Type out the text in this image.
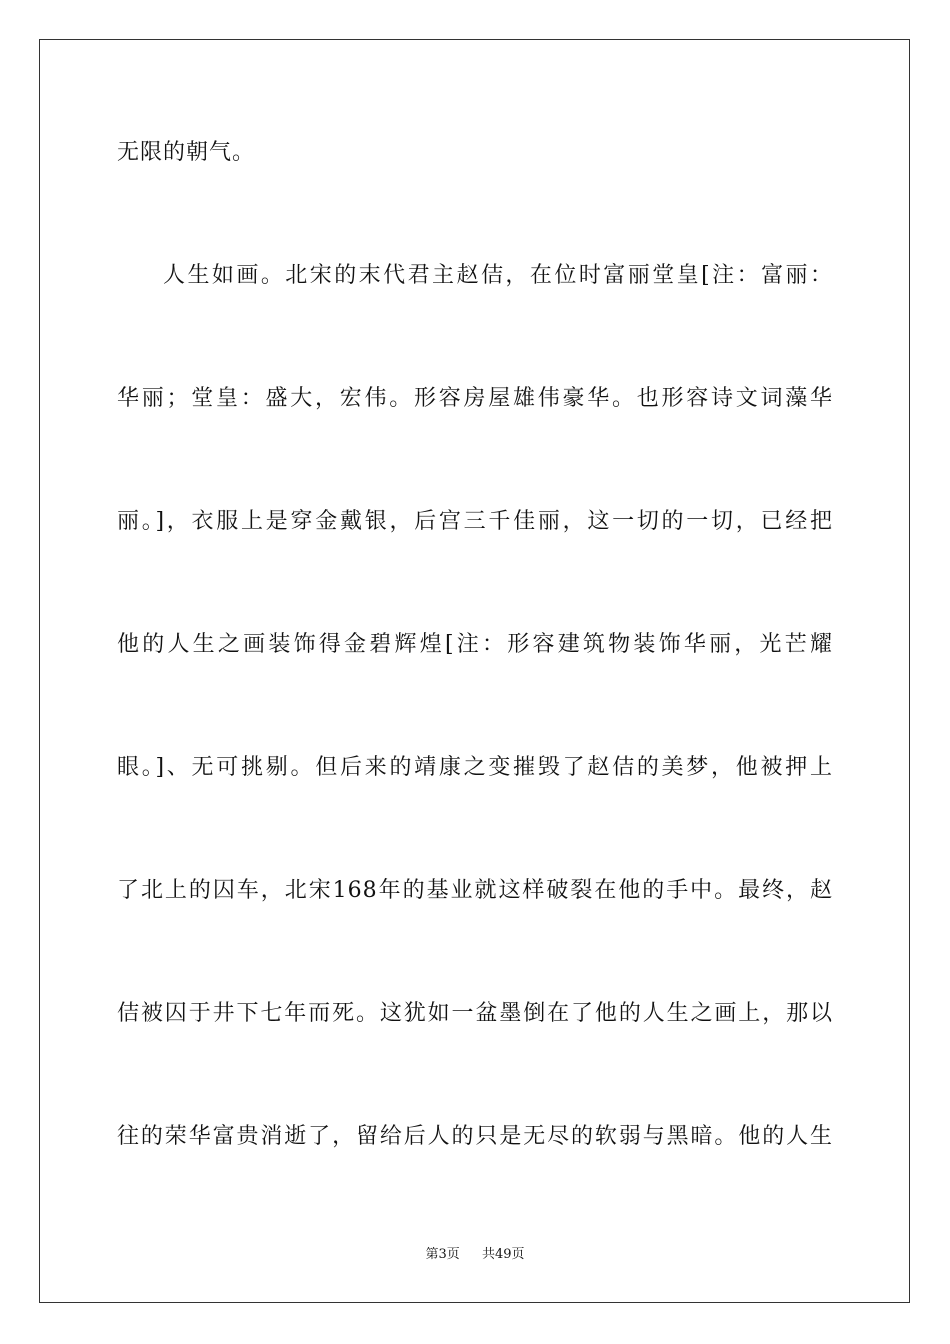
无限的朝气。
人生如画。北宋的末代君主赵佶，在位时富丽堂皇[注：富丽：
华丽；堂皇：盛大，宏伟。形容房屋雄伟豪华。也形容诗文词藻华
丽。]，衣服上是穿金戴银，后宫三千佳丽，这一切的一切，已经把
他的人生之画装饰得金碧辉煌[注：形容建筑物装饰华丽，光芒耀
眼。]、无可挑剔。但后来的靖康之变摧毁了赵佶的美梦，他被押上
了北上的囚车，北宋168年的基业就这样破裂在他的手中。最终，赵
佶被囚于井下七年而死。这犹如一盆墨倒在了他的人生之画上，那以
往的荣华富贵消逝了，留给后人的只是无尽的软弱与黑暗。他的人生
第3页 共49页
